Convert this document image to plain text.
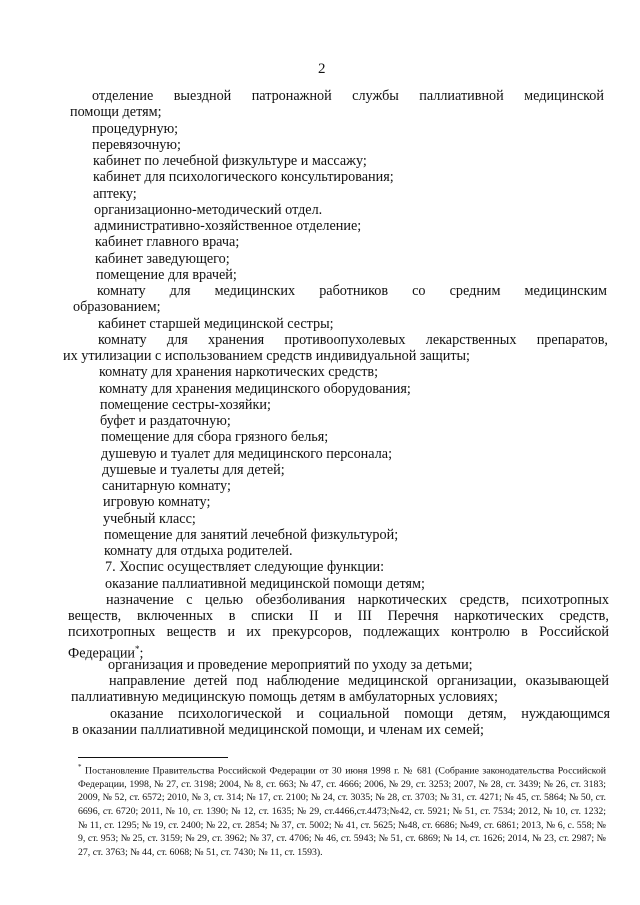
2
отделение выездной патронажной службы паллиативной медицинской
помощи детям;
процедурную;
перевязочную;
кабинет по лечебной физкультуре и массажу;
кабинет для психологического консультирования;
аптеку;
организационно-методический отдел.
административно-хозяйственное отделение;
кабинет главного врача;
кабинет заведующего;
помещение для врачей;
комнату для медицинских работников со средним медицинским
образованием;
кабинет старшей медицинской сестры;
комнату для хранения противоопухолевых лекарственных препаратов,
их утилизации с использованием средств индивидуальной защиты;
комнату для хранения наркотических средств;
комнату для хранения медицинского оборудования;
помещение сестры-хозяйки;
буфет и раздаточную;
помещение для сбора грязного белья;
душевую и туалет для медицинского персонала;
душевые и туалеты для детей;
санитарную комнату;
игровую комнату;
учебный класс;
помещение для занятий лечебной физкультурой;
комнату для отдыха родителей.
7. Хоспис осуществляет следующие функции:
оказание паллиативной медицинской помощи детям;
назначение с целью обезболивания наркотических средств, психотропных
веществ, включенных в списки II и III Перечня наркотических средств,
психотропных веществ и их прекурсоров, подлежащих контролю в Российской
Федерации*;
* Постановление Правительства Российской Федерации от 30 июня 1998 г. № 681 (Собрание законодательства Российской Федерации, 1998, № 27, ст. 3198; 2004, № 8, ст. 663; № 47, ст. 4666; 2006, № 29, ст. 3253; 2007, № 28, ст. 3439; № 26, ст. 3183; 2009, № 52, ст. 6572; 2010, № 3, ст. 314; № 17, ст. 2100; № 24, ст. 3035; № 28, ст. 3703; № 31, ст. 4271; № 45, ст. 5864; № 50, ст. 6696, ст. 6720; 2011, № 10, ст. 1390; № 12, ст. 1635; № 29, ст.4466,ст.4473;№42, ст. 5921; № 51, ст. 7534; 2012, № 10, ст. 1232; № 11, ст. 1295; № 19, ст. 2400; № 22, ст. 2854; № 37, ст. 5002; № 41, ст. 5625; №48, ст. 6686; №49, ст. 6861; 2013, № 6, с. 558; № 9, ст. 953; № 25, ст. 3159; № 29, ст. 3962; № 37, ст. 4706; № 46, ст. 5943; № 51, ст. 6869; № 14, ст. 1626; 2014, № 23, ст. 2987; № 27, ст. 3763; № 44, ст. 6068; № 51, ст. 7430; № 11, ст. 1593).
организация и проведение мероприятий по уходу за детьми;
направление детей под наблюдение медицинской организации, оказывающей
паллиативную медицинскую помощь детям в амбулаторных условиях;
оказание психологической и социальной помощи детям, нуждающимся
в оказании паллиативной медицинской помощи, и членам их семей;
